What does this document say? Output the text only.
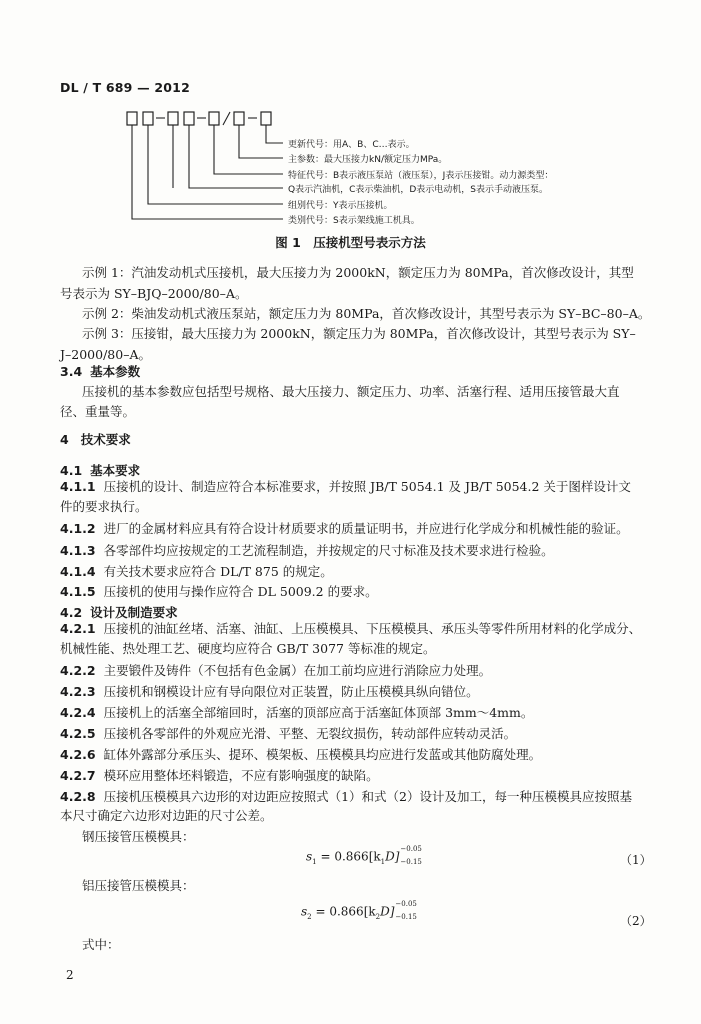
DL / T 689 — 2012
更新代号：用A、B、C…表示。
主参数：最大压接力kN/额定压力MPa。
特征代号：B表示液压泵站（液压泵），J表示压接钳。动力源类型：
Q表示汽油机，C表示柴油机，D表示电动机，S表示手动液压泵。
组别代号：Y表示压接机。
类别代号：S表示架线施工机具。
图 1　压接机型号表示方法

示例 1：汽油发动机式压接机，最大压接力为 2000kN，额定压力为 80MPa，首次修改设计，其型

号表示为 SY–BJQ–2000/80–A。

示例 2：柴油发动机式液压泵站，额定压力为 80MPa，首次修改设计，其型号表示为 SY–BC–80–A。

示例 3：压接钳，最大压接力为 2000kN，额定压力为 80MPa，首次修改设计，其型号表示为 SY–

J–2000/80–A。

3.4 基本参数

压接机的基本参数应包括型号规格、最大压接力、额定压力、功率、活塞行程、适用压接管最大直

径、重量等。

4 技术要求
4.1 基本要求

4.1.1 压接机的设计、制造应符合本标准要求，并按照 JB/T 5054.1 及 JB/T 5054.2 关于图样设计文

件的要求执行。

4.1.2 进厂的金属材料应具有符合设计材质要求的质量证明书，并应进行化学成分和机械性能的验证。

4.1.3 各零部件均应按规定的工艺流程制造，并按规定的尺寸标准及技术要求进行检验。

4.1.4 有关技术要求应符合 DL/T 875 的规定。

4.1.5 压接机的使用与操作应符合 DL 5009.2 的要求。

4.2 设计及制造要求

4.2.1 压接机的油缸丝堵、活塞、油缸、上压模模具、下压模模具、承压头等零件所用材料的化学成分、

机械性能、热处理工艺、硬度均应符合 GB/T 3077 等标准的规定。

4.2.2 主要锻件及铸件（不包括有色金属）在加工前均应进行消除应力处理。

4.2.3 压接机和钢模设计应有导向限位对正装置，防止压模模具纵向错位。

4.2.4 压接机上的活塞全部缩回时，活塞的顶部应高于活塞缸体顶部 3mm～4mm。

4.2.5 压接机各零部件的外观应光滑、平整、无裂纹损伤，转动部件应转动灵活。

4.2.6 缸体外露部分承压头、提环、模架板、压模模具均应进行发蓝或其他防腐处理。

4.2.7 模环应用整体坯料锻造，不应有影响强度的缺陷。

4.2.8 压接机压模模具六边形的对边距应按照式（1）和式（2）设计及加工，每一种压模模具应按照基

本尺寸确定六边形对边距的尺寸公差。

钢压接管压模模具：

$s_1 = 0.866[k_1D]$
−0.05
−0.15	（1）

铝压接管压模模具：

$s_2 = 0.866[k_2D]$
−0.05
−0.15	（2）

式中：

2
